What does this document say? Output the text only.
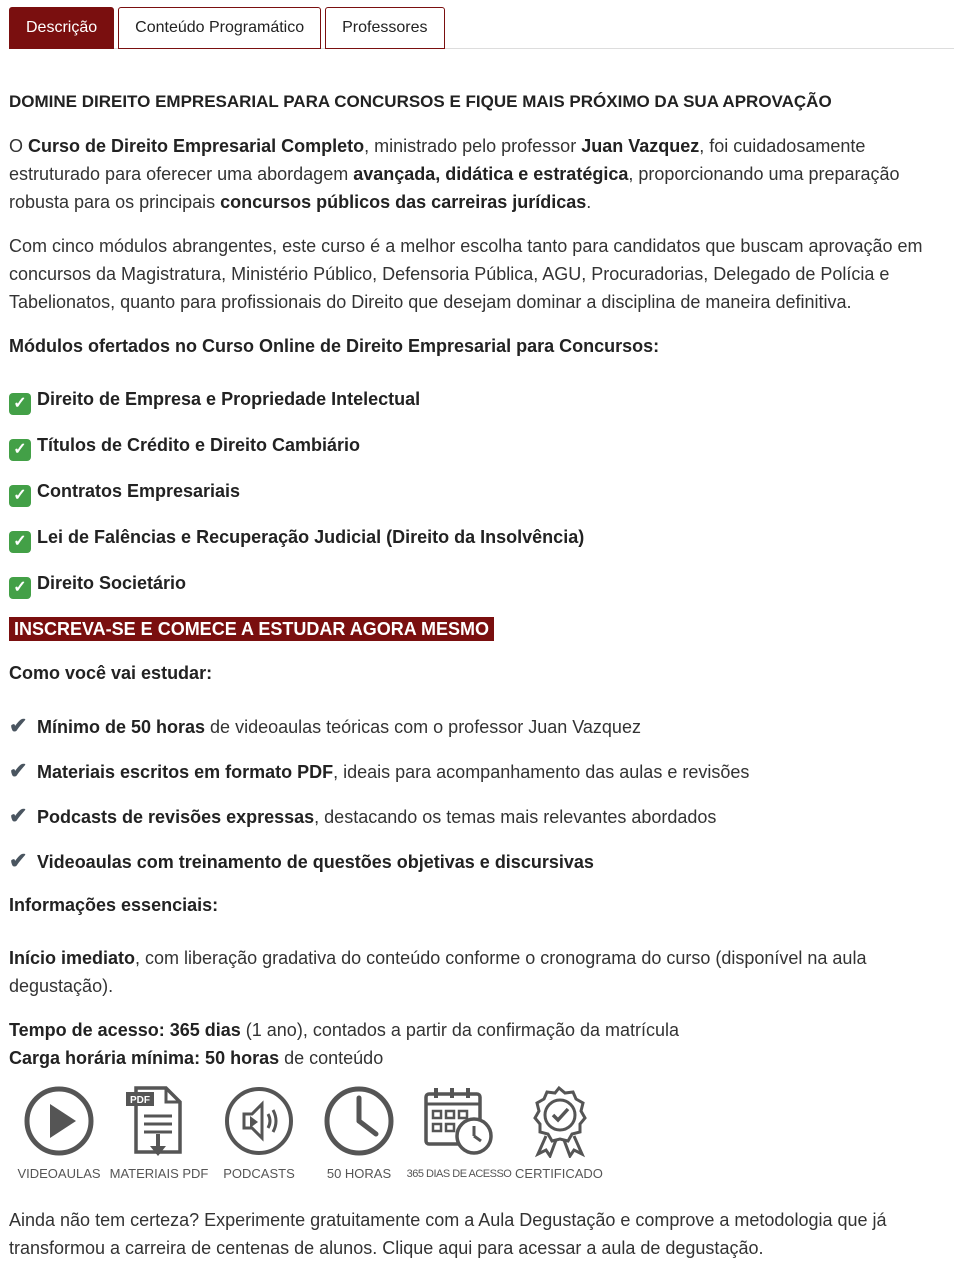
Descrição	Conteúdo Programático	Professores

DOMINE DIREITO EMPRESARIAL PARA CONCURSOS E FIQUE MAIS PRÓXIMO DA SUA APROVAÇÃO

O Curso de Direito Empresarial Completo, ministrado pelo professor Juan Vazquez, foi cuidadosamente estruturado para oferecer uma abordagem avançada, didática e estratégica, proporcionando uma preparação robusta para os principais concursos públicos das carreiras jurídicas.

Com cinco módulos abrangentes, este curso é a melhor escolha tanto para candidatos que buscam aprovação em concursos da Magistratura, Ministério Público, Defensoria Pública, AGU, Procuradorias, Delegado de Polícia e Tabelionatos, quanto para profissionais do Direito que desejam dominar a disciplina de maneira definitiva.

Módulos ofertados no Curso Online de Direito Empresarial para Concursos:

✓ Direito de Empresa e Propriedade Intelectual

✓ Títulos de Crédito e Direito Cambiário

✓ Contratos Empresariais

✓ Lei de Falências e Recuperação Judicial (Direito da Insolvência)

✓ Direito Societário

INSCREVA-SE E COMECE A ESTUDAR AGORA MESMO

Como você vai estudar:

✔ Mínimo de 50 horas de videoaulas teóricas com o professor Juan Vazquez

✔ Materiais escritos em formato PDF, ideais para acompanhamento das aulas e revisões

✔ Podcasts de revisões expressas, destacando os temas mais relevantes abordados

✔ Videoaulas com treinamento de questões objetivas e discursivas

Informações essenciais:

Início imediato, com liberação gradativa do conteúdo conforme o cronograma do curso (disponível na aula degustação).

Tempo de acesso: 365 dias (1 ano), contados a partir da confirmação da matrícula

Carga horária mínima: 50 horas de conteúdo

VIDEOAULAS
PDF
MATERIAIS PDF PODCASTS 50 HORAS 365 DIAS DE ACESSO CERTIFICADO

Ainda não tem certeza? Experimente gratuitamente com a Aula Degustação e comprove a metodologia que já transformou a carreira de centenas de alunos. Clique aqui para acessar a aula de degustação.
